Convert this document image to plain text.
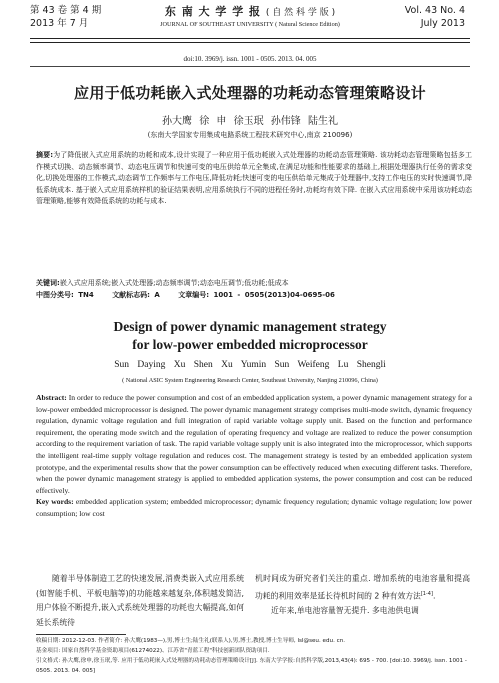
第 43 卷 第 4 期
2013 年 7 月
东 南 大 学 学 报 ( 自 然 科 学 版 )
JOURNAL OF SOUTHEAST UNIVERSITY ( Natural Science Edition)
Vol. 43 No. 4
July 2013
doi:10. 3969/j. issn. 1001 - 0505. 2013. 04. 005
应用于低功耗嵌入式处理器的功耗动态管理策略设计
孙大鹰 徐 申 徐玉珉 孙伟锋 陆生礼
(东南大学国家专用集成电路系统工程技术研究中心,南京 210096)
摘要:为了降低嵌入式应用系统的功耗和成本,设计实现了一种应用于低功耗嵌入式处理器的功耗动态管理策略. 该功耗动态管理策略包括多工作模式切换、动态频率调节、动态电压调节和快速可变的电压供给单元全集成,在满足功能和性能要求的基础上,根据处理器执行任务的需求变化,切换处理器的工作模式,动态调节工作频率与工作电压,降低功耗;快速可变的电压供给单元集成于处理器中,支持工作电压的实时快速调节,降低系统成本. 基于嵌入式应用系统样机的验证结果表明,应用系统执行不同的进程任务时,功耗均有效下降. 在嵌入式应用系统中采用该功耗动态管理策略,能够有效降低系统的功耗与成本.
关键词:嵌入式应用系统;嵌入式处理器;动态频率调节;动态电压调节;低功耗;低成本
中图分类号: TN4	文献标志码: A	文章编号: 1001 - 0505(2013)04-0695-06
Design of power dynamic management strategy
for low-power embedded microprocessor
Sun Daying Xu Shen Xu Yumin Sun Weifeng Lu Shengli
( National ASIC System Engineering Research Center, Southeast University, Nanjing 210096, China)
Abstract: In order to reduce the power consumption and cost of an embedded application system, a power dynamic management strategy for a low-power embedded microprocessor is designed. The power dynamic management strategy comprises multi-mode switch, dynamic frequency regulation, dynamic voltage regulation and full integration of rapid variable voltage supply unit. Based on the function and performance requirement, the operating mode switch and the regulation of operating frequency and voltage are realized to reduce the power consumption according to the requirement variation of task. The rapid variable voltage supply unit is also integrated into the microprocessor, which supports the intelligent real-time supply voltage regulation and reduces cost. The management strategy is tested by an embedded application system prototype, and the experimental results show that the power consumption can be effectively reduced when executing different tasks. Therefore, when the power dynamic management strategy is applied to embedded application systems, the power consumption and cost can be reduced effectively.
Key words: embedded application system; embedded microprocessor; dynamic frequency regulation; dynamic voltage regulation; low power consumption; low cost
随着半导体制造工艺的快速发展,消费类嵌入式应用系统(如智能手机、平板电脑等)的功能越来越复杂,体积越发简洁,用户体验不断提升,嵌入式系统处理器的功耗也大幅提高,如何延长系统待
机时间成为研究者们关注的重点. 增加系统的电池容量和提高功耗的利用效率是延长待机时间的 2 种有效方法[1-4].
近年来,单电池容量智无提升. 多电池供电调
收稿日期: 2012-12-03. 作者简介: 孙大鹰(1983—),男,博士生;陆生礼(联系人),男,博士,教授,博士生导师, lsl@seu. edu. cn.
基金项目: 国家自然科学基金资助项目(61274022)、江苏省"青蓝工程"科技创新团队资助项目.
引文格式: 孙大鹰,徐申,徐玉珉,等. 应用于低功耗嵌入式处理器的功耗动态管理策略设计[J]. 东南大学学报:自然科学版,2013,43(4): 695 - 700. [doi:10. 3969/j. issn. 1001 - 0505. 2013. 04. 005]
